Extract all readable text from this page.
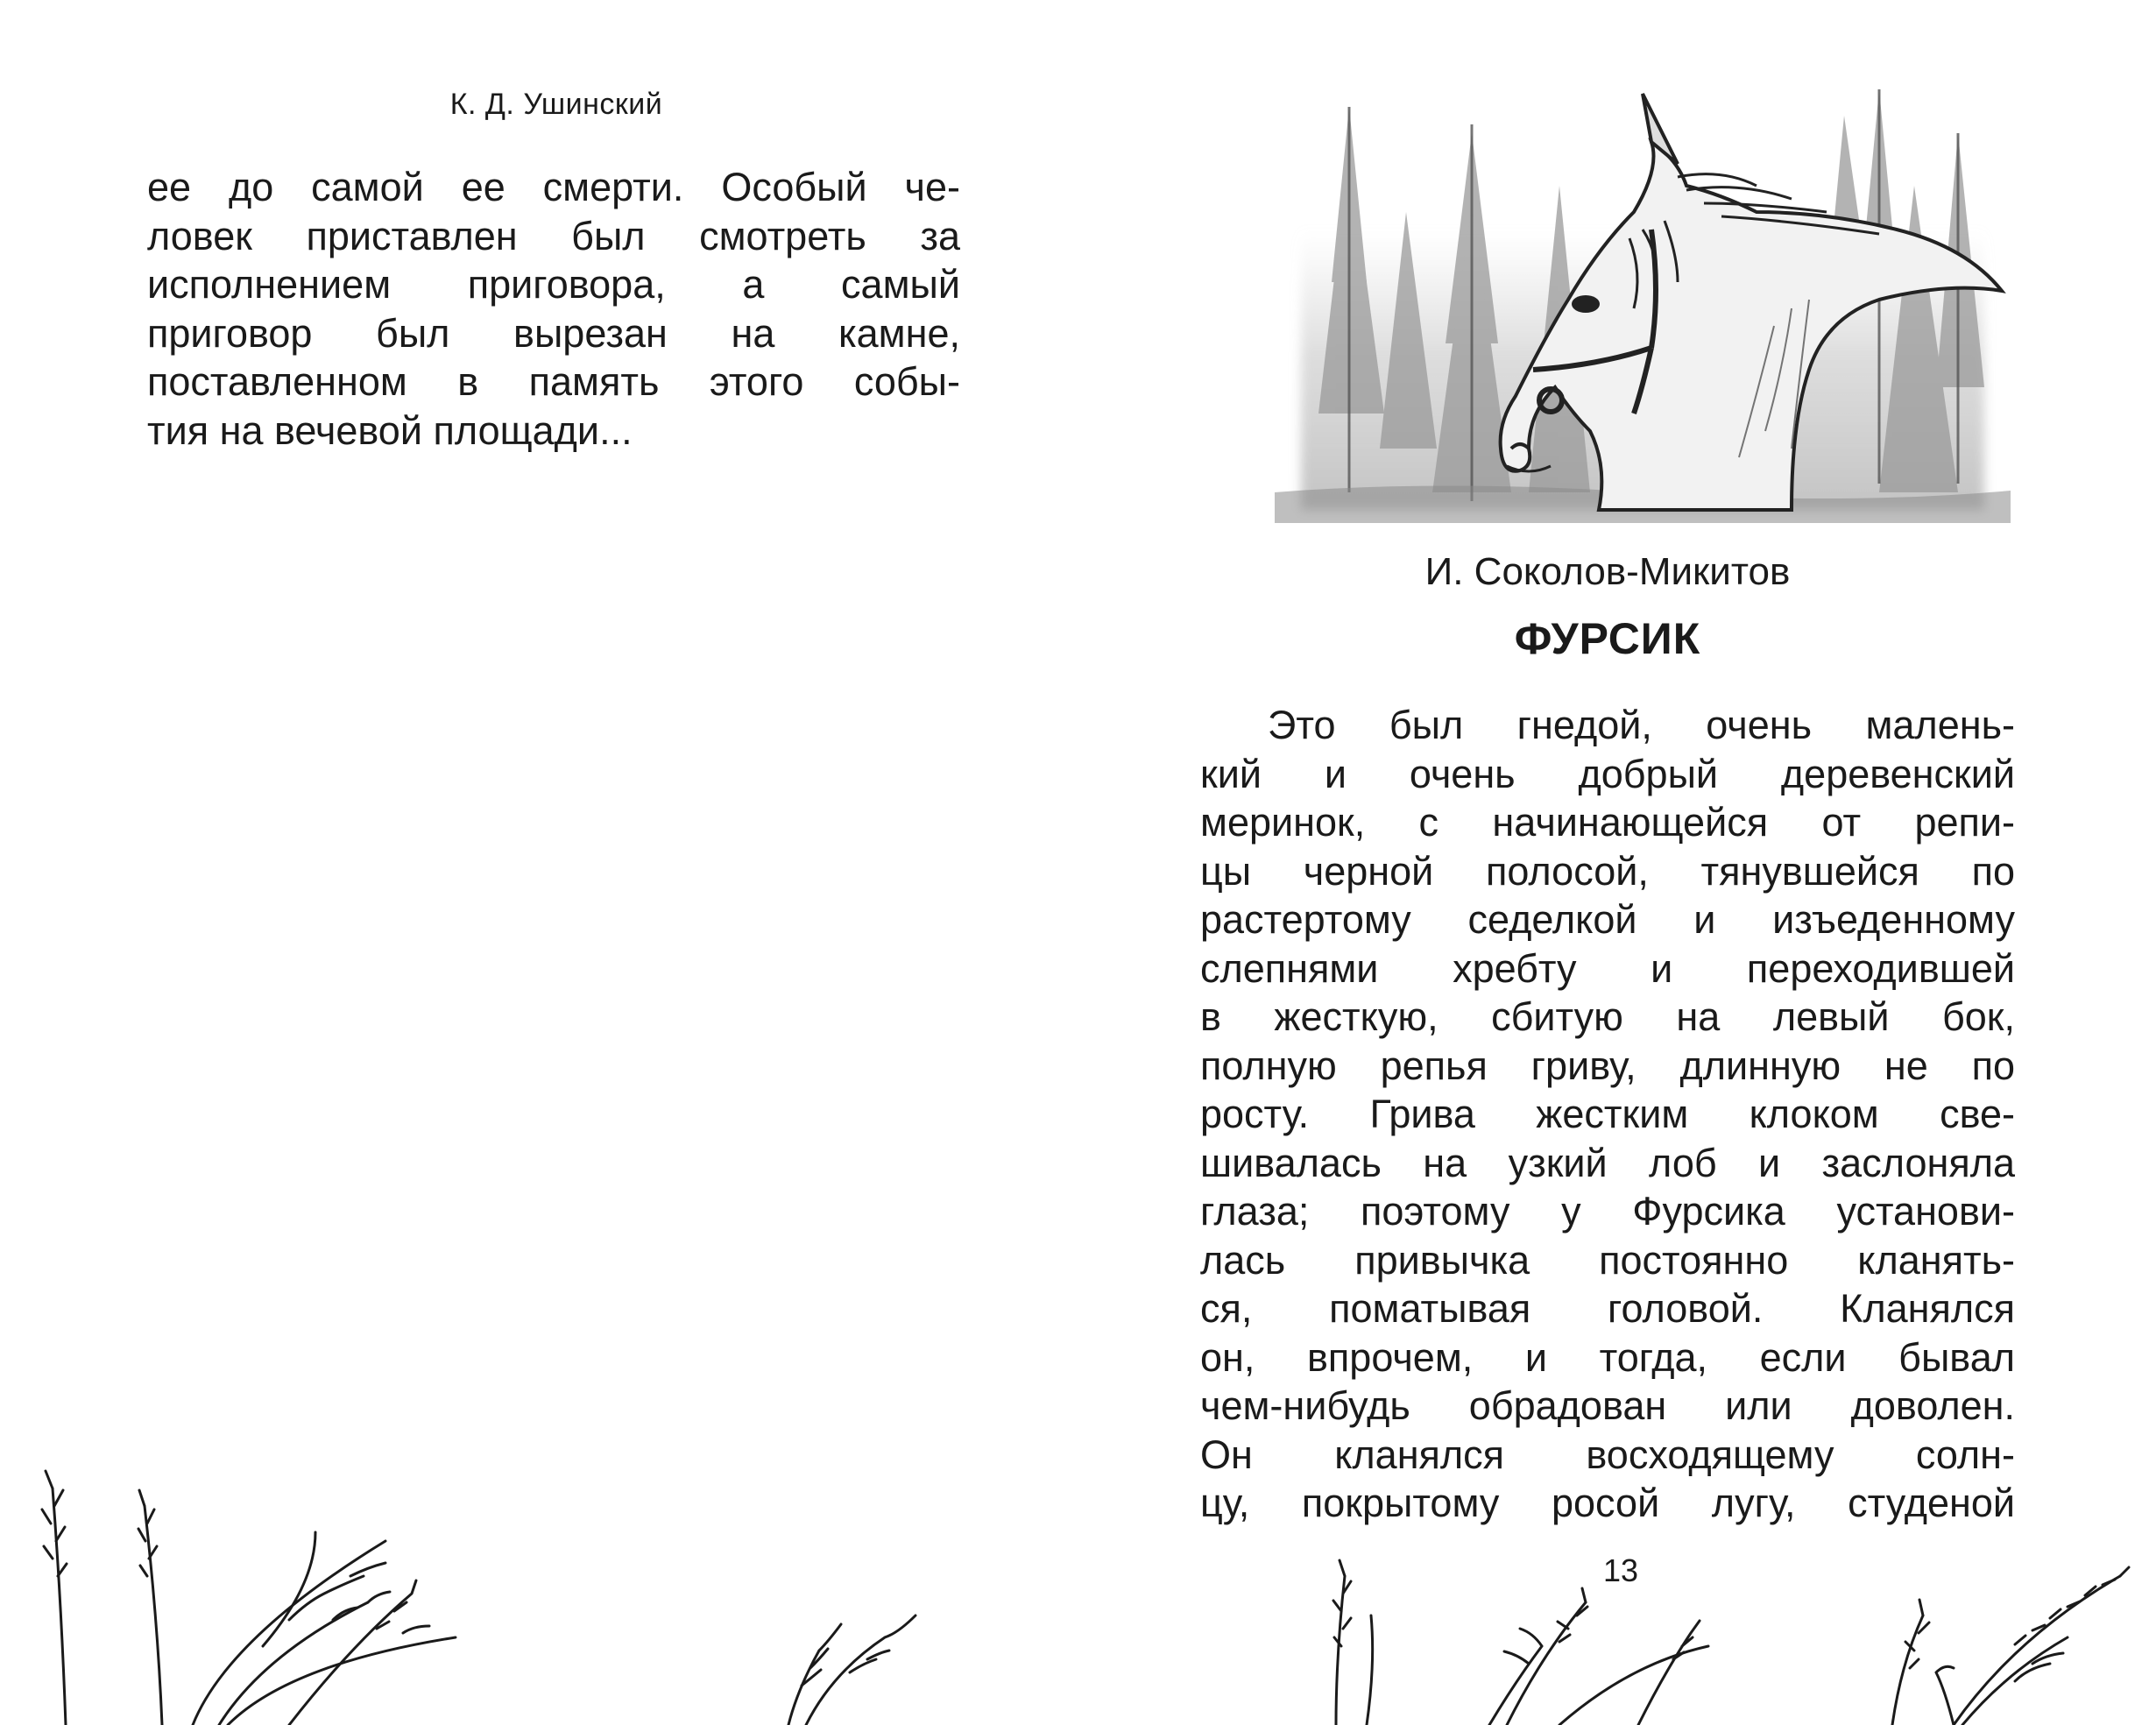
К. Д. Ушинский
ее до самой ее смерти. Особый че-
ловек приставлен был смотреть за
исполнением приговора, а самый
приговор был вырезан на камне,
поставленном в память этого собы-
тия на вечевой площади...
И. Соколов-Микитов
ФУРСИК
Это был гнедой, очень малень-
кий и очень добрый деревенский
меринок, с начинающейся от репи-
цы черной полосой, тянувшейся по
растертому седелкой и изъеденному
слепнями хребту и переходившей
в жесткую, сбитую на левый бок,
полную репья гриву, длинную не по
росту. Грива жестким клоком све-
шивалась на узкий лоб и заслоняла
глаза; поэтому у Фурсика установи-
лась привычка постоянно кланять-
ся, поматывая головой. Кланялся
он, впрочем, и тогда, если бывал
чем-нибудь обрадован или доволен.
Он кланялся восходящему солн-
цу, покрытому росой лугу, студеной
13
